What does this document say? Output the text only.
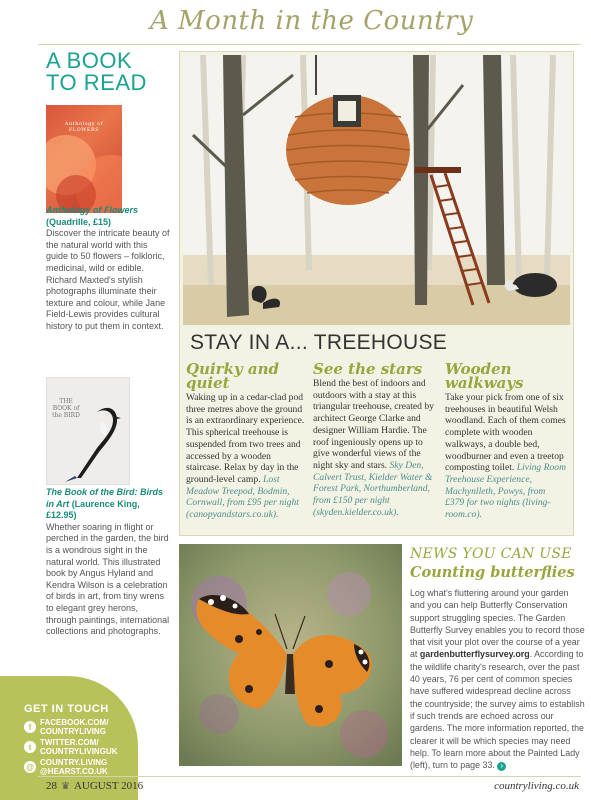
A Month in the Country
A BOOK
TO READ
Anthology of FLOWERS
Anthology of Flowers (Quadrille, £15)
Discover the intricate beauty of the natural world with this guide to 50 flowers – folkloric, medicinal, wild or edible. Richard Maxted's stylish photographs illuminate their texture and colour, while Jane Field-Lewis provides cultural history to put them in context.
THE BOOK of the BIRD
The Book of the Bird: Birds in Art (Laurence King, £12.95)
Whether soaring in flight or perched in the garden, the bird is a wondrous sight in the natural world. This illustrated book by Angus Hyland and Kendra Wilson is a celebration of birds in art, from tiny wrens to elegant grey herons, through paintings, international collections and photographs.
GET IN TOUCH
f	FACEBOOK.COM/ COUNTRYLIVING
t	TWITTER.COM/ COUNTRYLIVINGUK
@ COUNTRY.LIVING @HEARST.CO.UK
STAY IN A... TREEHOUSE
Quirky and quiet

Waking up in a cedar-clad pod three metres above the ground is an extraordinary experience. This spherical treehouse is suspended from two trees and accessed by a wooden staircase. Relax by day in the ground-level camp. Lost Meadow Treepod, Bodmin, Cornwall, from £95 per night (canopyandstars.co.uk).

See the stars

Blend the best of indoors and outdoors with a stay at this triangular treehouse, created by architect George Clarke and designer William Hardie. The roof ingeniously opens up to give wonderful views of the night sky and stars. Sky Den, Calvert Trust, Kielder Water & Forest Park, Northumberland, from £150 per night (skyden.kielder.co.uk).

Wooden walkways

Take your pick from one of six treehouses in beautiful Welsh woodland. Each of them comes complete with wooden walkways, a double bed, woodburner and even a treetop composting toilet. Living Room Treehouse Experience, Machynlleth, Powys, from £379 for two nights (living-room.co).

NEWS YOU CAN USE
Counting butterflies

Log what's fluttering around your garden and you can help Butterfly Conservation support struggling species. The Garden Butterfly Survey enables you to record those that visit your plot over the course of a year at gardenbutterflysurvey.org. According to the wildlife charity's research, over the past 40 years, 76 per cent of common species have suffered widespread decline across the countryside; the survey aims to establish if such trends are echoed across our gardens. The more information reported, the clearer it will be which species may need help. To learn more about the Painted Lady (left), turn to page 33. ›

28 ♛ AUGUST 2016	countryliving.co.uk
